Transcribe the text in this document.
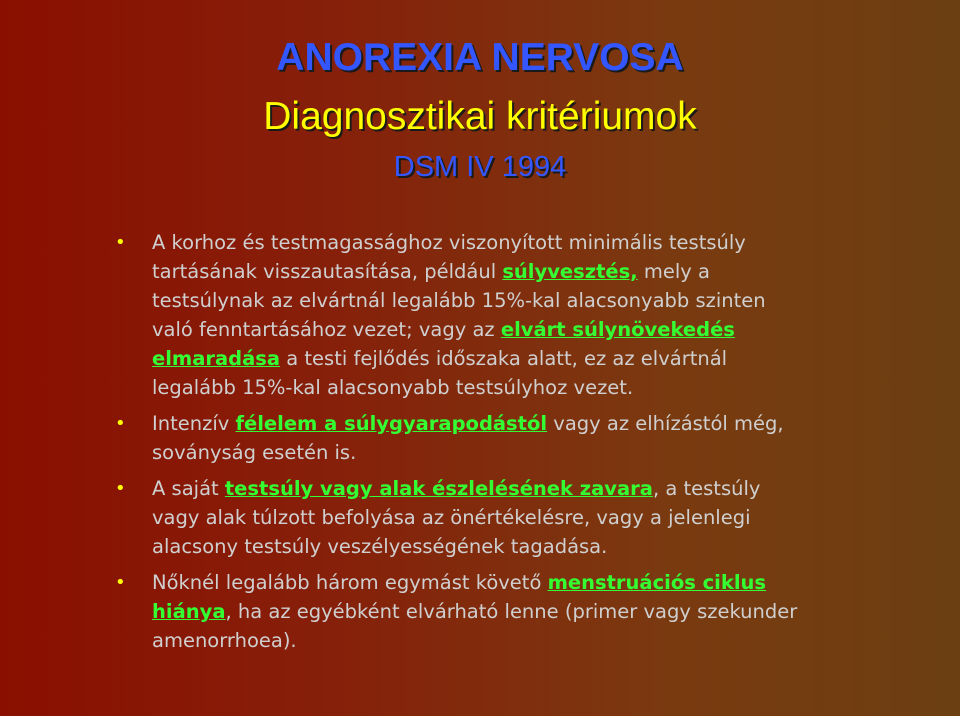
ANOREXIA NERVOSA
Diagnosztikai kritériumok
DSM IV 1994
• A korhoz és testmagassághoz viszonyított minimális testsúly tartásának visszautasítása, például súlyvesztés, mely a testsúlynak az elvártnál legalább 15%-kal alacsonyabb szinten való fenntartásához vezet; vagy az elvárt súlynövekedés elmaradása a testi fejlődés időszaka alatt, ez az elvártnál legalább 15%-kal alacsonyabb testsúlyhoz vezet.
• Intenzív félelem a súlygyarapodástól vagy az elhízástól még, soványság esetén is.
• A saját testsúly vagy alak észlelésének zavara, a testsúly vagy alak túlzott befolyása az önértékelésre, vagy a jelenlegi alacsony testsúly veszélyességének tagadása.
• Nőknél legalább három egymást követő menstruációs ciklus hiánya, ha az egyébként elvárható lenne (primer vagy szekunder amenorrhoea).
